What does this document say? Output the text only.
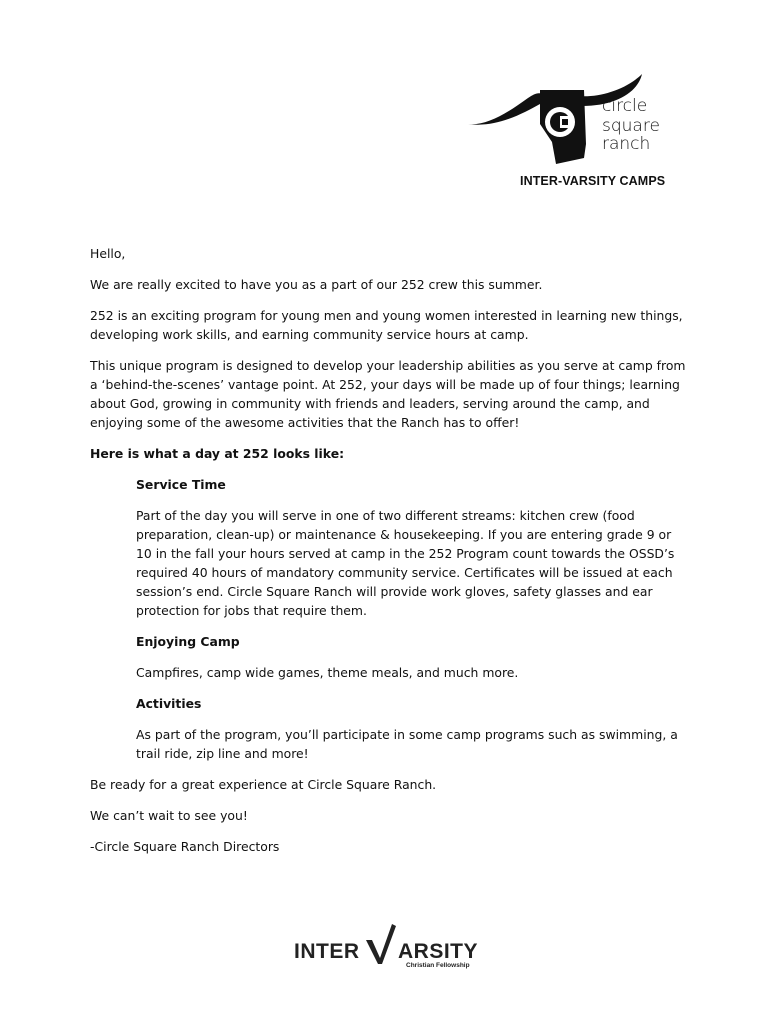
circle
square
ranch
INTER-VARSITY CAMPS

Hello,

We are really excited to have you as a part of our 252 crew this summer.

252 is an exciting program for young men and young women interested in learning new things, developing work skills, and earning community service hours at camp.

This unique program is designed to develop your leadership abilities as you serve at camp from a ‘behind-the-scenes’ vantage point. At 252, your days will be made up of four things; learning about God, growing in community with friends and leaders, serving around the camp, and enjoying some of the awesome activities that the Ranch has to offer!

Here is what a day at 252 looks like:

Service Time

Part of the day you will serve in one of two different streams: kitchen crew (food preparation, clean-up) or maintenance & housekeeping. If you are entering grade 9 or 10 in the fall your hours served at camp in the 252 Program count towards the OSSD’s required 40 hours of mandatory community service. Certificates will be issued at each session’s end. Circle Square Ranch will provide work gloves, safety glasses and ear protection for jobs that require them.

Enjoying Camp

Campfires, camp wide games, theme meals, and much more.

Activities

As part of the program, you’ll participate in some camp programs such as swimming, a trail ride, zip line and more!

Be ready for a great experience at Circle Square Ranch.

We can’t wait to see you!

-Circle Square Ranch Directors

INTER ARSITY
Christian Fellowship
